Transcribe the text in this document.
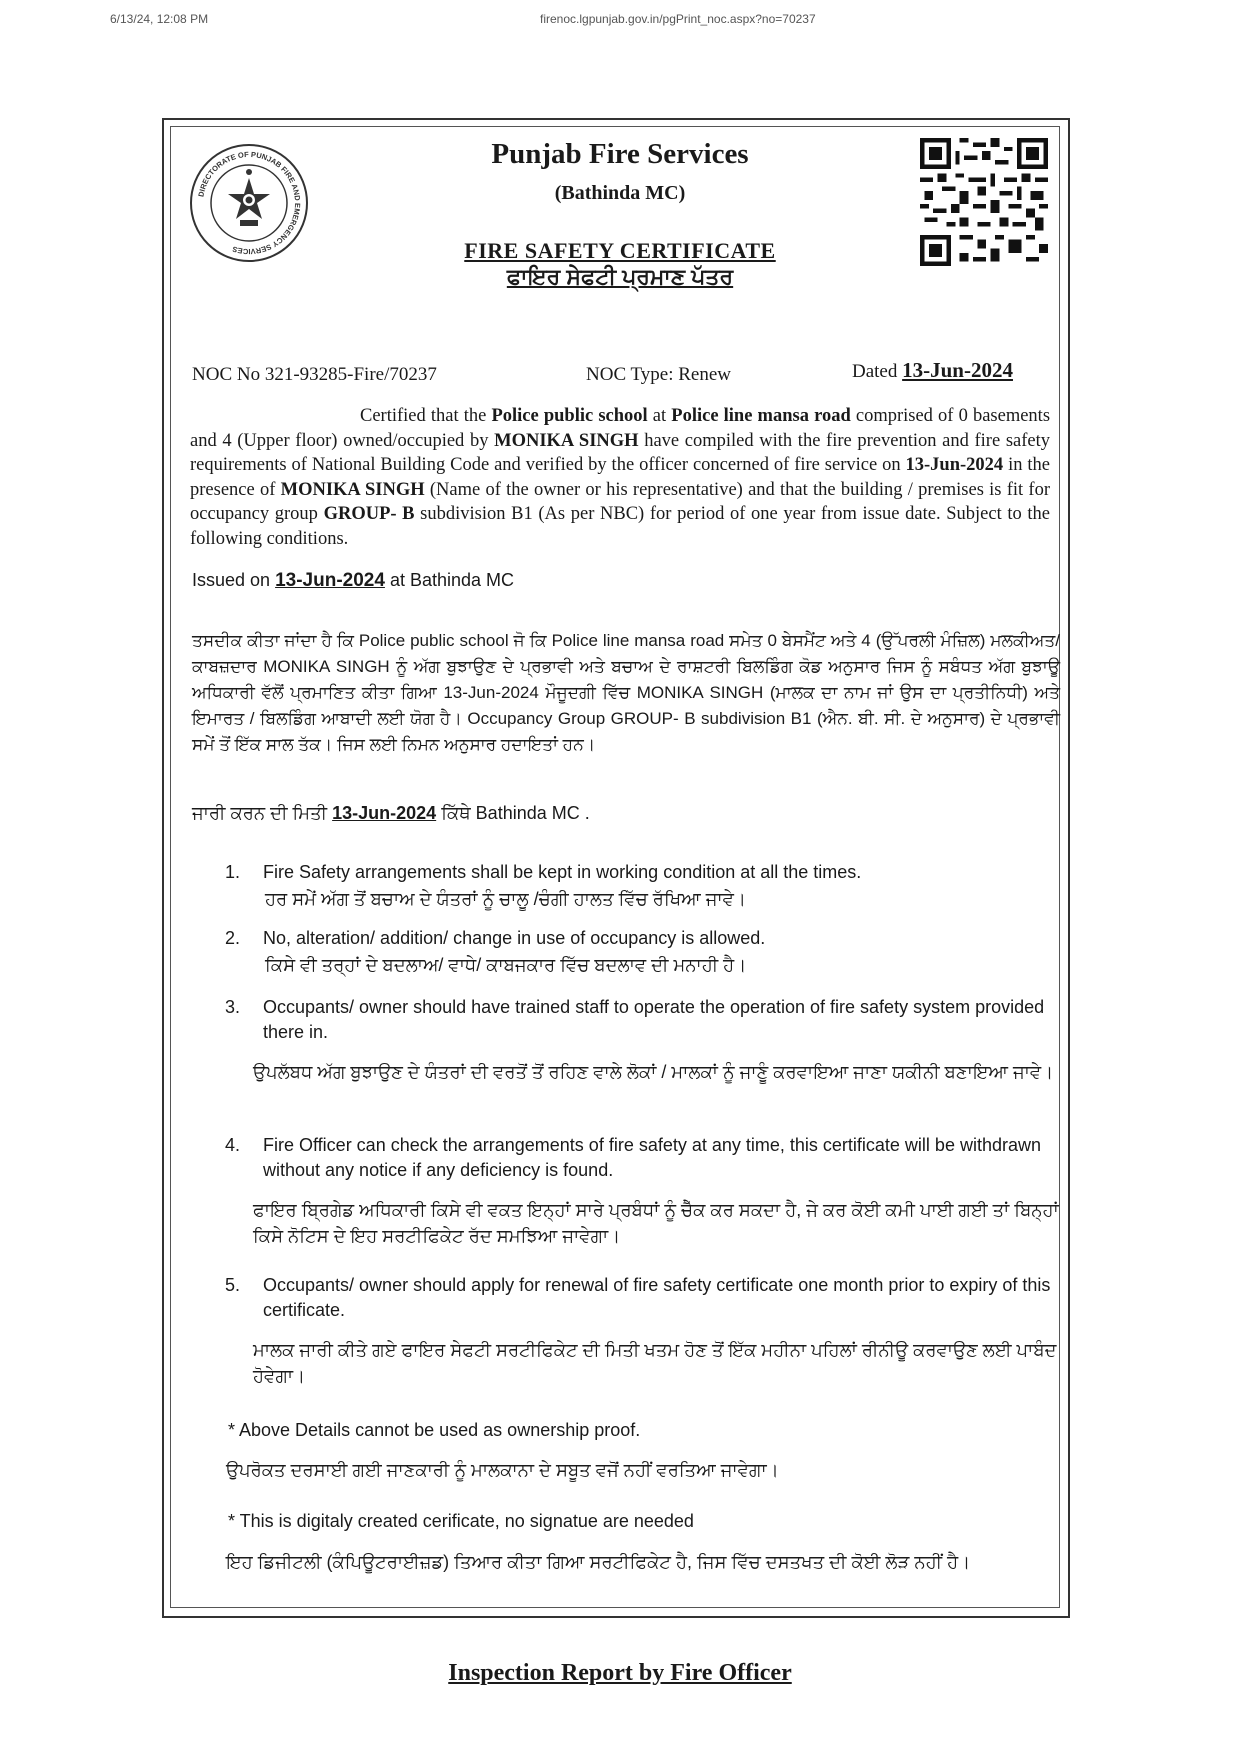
6/13/24, 12:08 PM	firenoc.lgpunjab.gov.in/pgPrint_noc.aspx?no=70237
DIRECTORATE OF PUNJAB FIRE AND EMERGENCY SERVICES
Punjab Fire Services
(Bathinda MC)
FIRE SAFETY CERTIFICATE
ਫਾਇਰ ਸੇਫਟੀ ਪ੍ਰਮਾਣ ਪੱਤਰ
NOC No 321-93285-Fire/70237	NOC Type: Renew	Dated 13-Jun-2024
Certified that the Police public school at Police line mansa road comprised of 0 basements and 4 (Upper floor) owned/occupied by MONIKA SINGH have compiled with the fire prevention and fire safety requirements of National Building Code and verified by the officer concerned of fire service on 13-Jun-2024 in the presence of MONIKA SINGH (Name of the owner or his representative) and that the building / premises is fit for occupancy group GROUP- B subdivision B1 (As per NBC) for period of one year from issue date. Subject to the following conditions.
Issued on 13-Jun-2024 at Bathinda MC
ਤਸਦੀਕ ਕੀਤਾ ਜਾਂਦਾ ਹੈ ਕਿ Police public school ਜੋ ਕਿ Police line mansa road ਸਮੇਤ 0 ਬੇਸਮੈਂਟ ਅਤੇ 4 (ਉੱਪਰਲੀ ਮੰਜ਼ਿਲ) ਮਲਕੀਅਤ/ਕਾਬਜ਼ਦਾਰ MONIKA SINGH ਨੂੰ ਅੱਗ ਬੁਝਾਉਣ ਦੇ ਪ੍ਰਭਾਵੀ ਅਤੇ ਬਚਾਅ ਦੇ ਰਾਸ਼ਟਰੀ ਬਿਲਡਿੰਗ ਕੋਡ ਅਨੁਸਾਰ ਜਿਸ ਨੂੰ ਸਬੰਧਤ ਅੱਗ ਬੁਝਾਊ ਅਧਿਕਾਰੀ ਵੱਲੋਂ ਪ੍ਰਮਾਣਿਤ ਕੀਤਾ ਗਿਆ 13-Jun-2024 ਮੌਜੂਦਗੀ ਵਿੱਚ MONIKA SINGH (ਮਾਲਕ ਦਾ ਨਾਮ ਜਾਂ ਉਸ ਦਾ ਪ੍ਰਤੀਨਿਧੀ) ਅਤੇ ਇਮਾਰਤ / ਬਿਲਡਿੰਗ ਆਬਾਦੀ ਲਈ ਯੋਗ ਹੈ। Occupancy Group GROUP- B subdivision B1 (ਐਨ. ਬੀ. ਸੀ. ਦੇ ਅਨੁਸਾਰ) ਦੇ ਪ੍ਰਭਾਵੀ ਸਮੇਂ ਤੋਂ ਇੱਕ ਸਾਲ ਤੱਕ। ਜਿਸ ਲਈ ਨਿਮਨ ਅਨੁਸਾਰ ਹਦਾਇਤਾਂ ਹਨ।
ਜਾਰੀ ਕਰਨ ਦੀ ਮਿਤੀ 13-Jun-2024 ਕਿੱਥੇ Bathinda MC .
1. Fire Safety arrangements shall be kept in working condition at all the times.
ਹਰ ਸਮੇਂ ਅੱਗ ਤੋਂ ਬਚਾਅ ਦੇ ਯੰਤਰਾਂ ਨੂੰ ਚਾਲੂ /ਚੰਗੀ ਹਾਲਤ ਵਿੱਚ ਰੱਖਿਆ ਜਾਵੇ।
2. No, alteration/ addition/ change in use of occupancy is allowed.
ਕਿਸੇ ਵੀ ਤਰ੍ਹਾਂ ਦੇ ਬਦਲਾਅ/ ਵਾਧੇ/ ਕਾਬਜਕਾਰ ਵਿੱਚ ਬਦਲਾਵ ਦੀ ਮਨਾਹੀ ਹੈ।
3. Occupants/ owner should have trained staff to operate the operation of fire safety system provided there in.
ਉਪਲੱਬਧ ਅੱਗ ਬੁਝਾਉਣ ਦੇ ਯੰਤਰਾਂ ਦੀ ਵਰਤੋਂ ਤੋਂ ਰਹਿਣ ਵਾਲੇ ਲੋਕਾਂ / ਮਾਲਕਾਂ ਨੂੰ ਜਾਣੂੰ ਕਰਵਾਇਆ ਜਾਣਾ ਯਕੀਨੀ ਬਣਾਇਆ ਜਾਵੇ।
4. Fire Officer can check the arrangements of fire safety at any time, this certificate will be withdrawn without any notice if any deficiency is found.
ਫਾਇਰ ਬ੍ਰਿਗੇਡ ਅਧਿਕਾਰੀ ਕਿਸੇ ਵੀ ਵਕਤ ਇਨ੍ਹਾਂ ਸਾਰੇ ਪ੍ਰਬੰਧਾਂ ਨੂੰ ਚੈੱਕ ਕਰ ਸਕਦਾ ਹੈ, ਜੇ ਕਰ ਕੋਈ ਕਮੀ ਪਾਈ ਗਈ ਤਾਂ ਬਿਨ੍ਹਾਂ ਕਿਸੇ ਨੋਟਿਸ ਦੇ ਇਹ ਸਰਟੀਫਿਕੇਟ ਰੱਦ ਸਮਝਿਆ ਜਾਵੇਗਾ।
5. Occupants/ owner should apply for renewal of fire safety certificate one month prior to expiry of this certificate.
ਮਾਲਕ ਜਾਰੀ ਕੀਤੇ ਗਏ ਫਾਇਰ ਸੇਫਟੀ ਸਰਟੀਫਿਕੇਟ ਦੀ ਮਿਤੀ ਖਤਮ ਹੋਣ ਤੋਂ ਇੱਕ ਮਹੀਨਾ ਪਹਿਲਾਂ ਰੀਨੀਊ ਕਰਵਾਉਣ ਲਈ ਪਾਬੰਦ ਹੋਵੇਗਾ।
* Above Details cannot be used as ownership proof.
ਉਪਰੋਕਤ ਦਰਸਾਈ ਗਈ ਜਾਣਕਾਰੀ ਨੂੰ ਮਾਲਕਾਨਾ ਦੇ ਸਬੂਤ ਵਜੋਂ ਨਹੀਂ ਵਰਤਿਆ ਜਾਵੇਗਾ।
* This is digitaly created cerificate, no signatue are needed
ਇਹ ਡਿਜੀਟਲੀ (ਕੰਪਿਊਟਰਾਈਜ਼ਡ) ਤਿਆਰ ਕੀਤਾ ਗਿਆ ਸਰਟੀਫਿਕੇਟ ਹੈ, ਜਿਸ ਵਿੱਚ ਦਸਤਖਤ ਦੀ ਕੋਈ ਲੋੜ ਨਹੀਂ ਹੈ।
Inspection Report by Fire Officer
